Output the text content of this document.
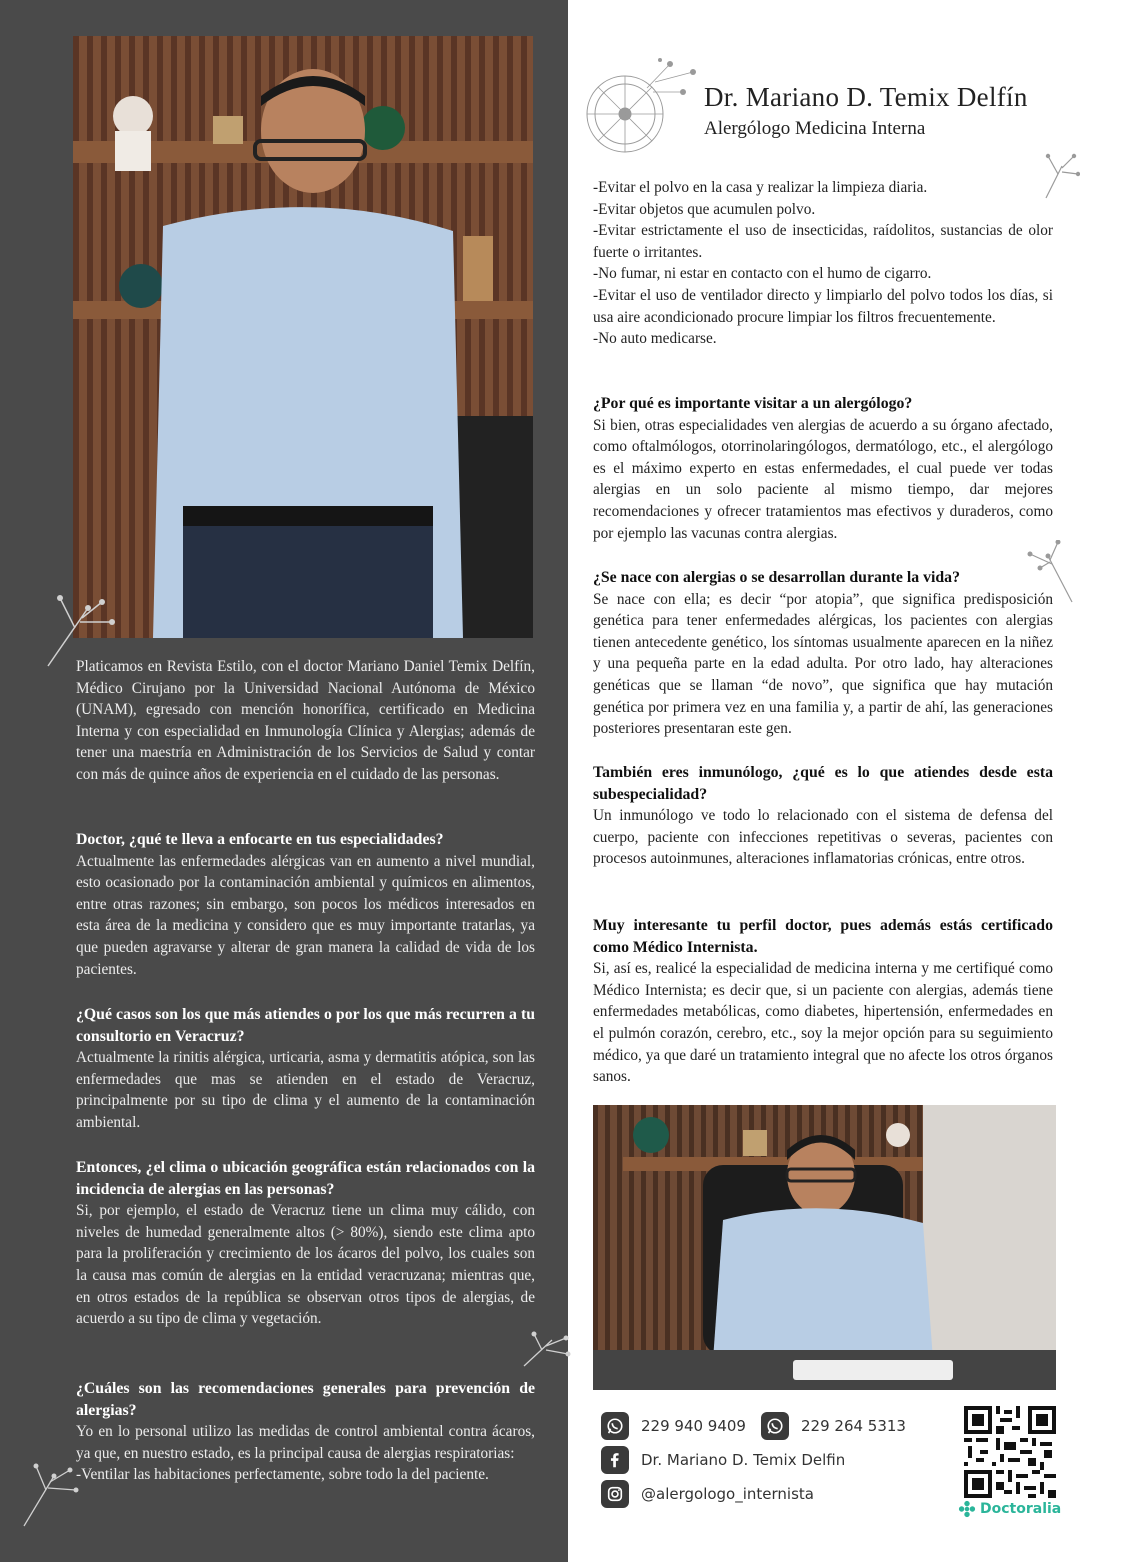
Platicamos en Revista Estilo, con el doctor Mariano Daniel Temix Delfín, Médico Cirujano por la Universidad Nacional Autónoma de México (UNAM), egresado con mención honorífica, certificado en Medicina Interna y con especialidad en Inmunología Clínica y Alergias; además de tener una maestría en Administración de los Servicios de Salud y contar con más de quince años de experiencia en el cuidado de las personas.

Doctor, ¿qué te lleva a enfocarte en tus especialidades?

Actualmente las enfermedades alérgicas van en aumento a nivel mundial, esto ocasionado por la contaminación ambiental y químicos en alimentos, entre otras razones; sin embargo, son pocos los médicos interesados en esta área de la medicina y considero que es muy importante tratarlas, ya que pueden agravarse y alterar de gran manera la calidad de vida de los pacientes.

¿Qué casos son los que más atiendes o por los que más recurren a tu consultorio en Veracruz?

Actualmente la rinitis alérgica, urticaria, asma y dermatitis atópica, son las enfermedades que mas se atienden en el estado de Veracruz, principalmente por su tipo de clima y el aumento de la contaminación ambiental.

Entonces, ¿el clima o ubicación geográfica están relacionados con la incidencia de alergias en las personas?

Si, por ejemplo, el estado de Veracruz tiene un clima muy cálido, con niveles de humedad generalmente altos (> 80%), siendo este clima apto para la proliferación y crecimiento de los ácaros del polvo, los cuales son la causa mas común de alergias en la entidad veracruzana; mientras que, en otros estados de la república se observan otros tipos de alergias, de acuerdo a su tipo de clima y vegetación.

¿Cuáles son las recomendaciones generales para prevención de alergias?

Yo en lo personal utilizo las medidas de control ambiental contra ácaros, ya que, en nuestro estado, es la principal causa de alergias respiratorias:

-Ventilar las habitaciones perfectamente, sobre todo la del paciente.

Dr. Mariano D. Temix Delfín
Alergólogo Medicina Interna

-Evitar el polvo en la casa y realizar la limpieza diaria.

-Evitar objetos que acumulen polvo.

-Evitar estrictamente el uso de insecticidas, raídolitos, sustancias de olor fuerte o irritantes.

-No fumar, ni estar en contacto con el humo de cigarro.

-Evitar el uso de ventilador directo y limpiarlo del polvo todos los días, si usa aire acondicionado procure limpiar los filtros frecuentemente.

-No auto medicarse.

¿Por qué es importante visitar a un alergólogo?

Si bien, otras especialidades ven alergias de acuerdo a su órgano afectado, como oftalmólogos, otorrinolaringólogos, dermatólogo, etc., el alergólogo es el máximo experto en estas enfermedades, el cual puede ver todas alergias en un solo paciente al mismo tiempo, dar mejores recomendaciones y ofrecer tratamientos mas efectivos y duraderos, como por ejemplo las vacunas contra alergias.

¿Se nace con alergias o se desarrollan durante la vida?

Se nace con ella; es decir “por atopia”, que significa predisposición genética para tener enfermedades alérgicas, los pacientes con alergias tienen antecedente genético, los síntomas usualmente aparecen en la niñez y una pequeña parte en la edad adulta. Por otro lado, hay alteraciones genéticas que se llaman “de novo”, que significa que hay mutación genética por primera vez en una familia y, a partir de ahí, las generaciones posteriores presentaran este gen.

También eres inmunólogo, ¿qué es lo que atiendes desde esta subespecialidad?

Un inmunólogo ve todo lo relacionado con el sistema de defensa del cuerpo, paciente con infecciones repetitivas o severas, pacientes con procesos autoinmunes, alteraciones inflamatorias crónicas, entre otros.

Muy interesante tu perfil doctor, pues además estás certificado como Médico Internista.

Si, así es, realicé la especialidad de medicina interna y me certifiqué como Médico Internista; es decir que, si un paciente con alergias, además tiene enfermedades metabólicas, como diabetes, hipertensión, enfermedades en el pulmón corazón, cerebro, etc., soy la mejor opción para su seguimiento médico, ya que daré un tratamiento integral que no afecte los otros órganos sanos.

229 940 9409	229 264 5313
Dr. Mariano D. Temix Delfin
@alergologo_internista
Doctoralia
